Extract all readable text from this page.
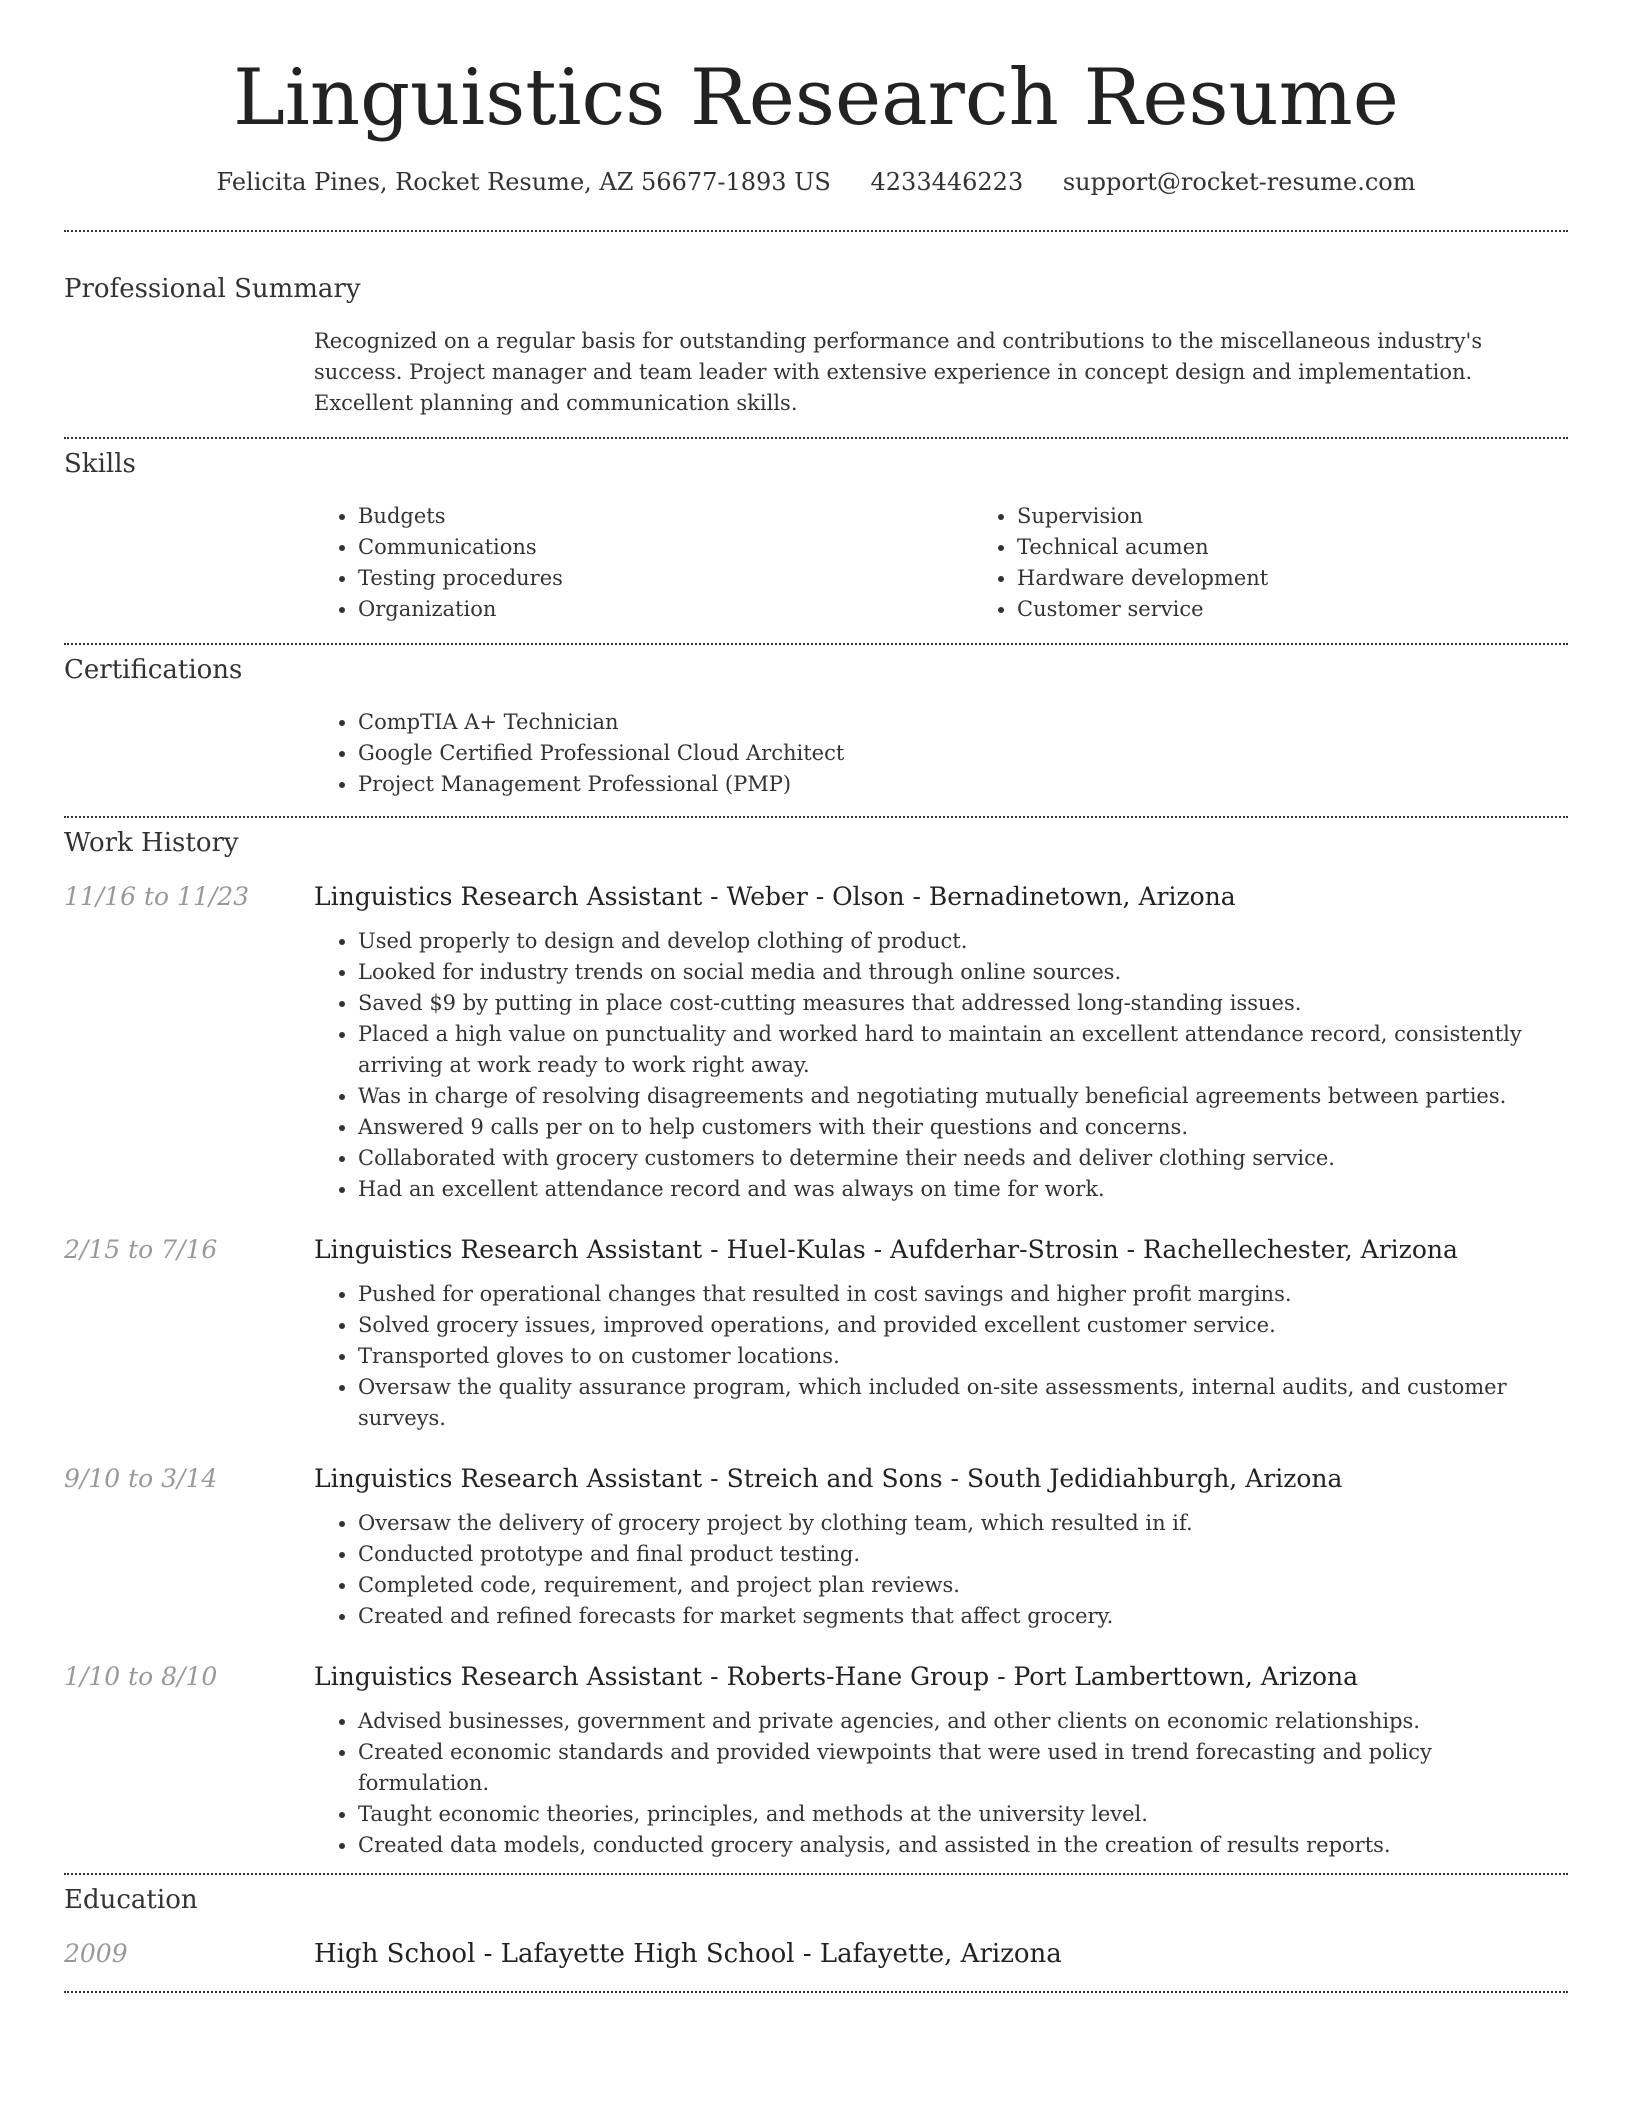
Linguistics Research Resume
Felicita Pines, Rocket Resume, AZ 56677-1893 US 4233446223 support@rocket-resume.com
Professional Summary
Recognized on a regular basis for outstanding performance and contributions to the miscellaneous industry's success. Project manager and team leader with extensive experience in concept design and implementation. Excellent planning and communication skills.
Skills
• Budgets
• Communications
• Testing procedures
• Organization
• Supervision
• Technical acumen
• Hardware development
• Customer service
Certifications
• CompTIA A+ Technician
• Google Certified Professional Cloud Architect
• Project Management Professional (PMP)
Work History
11/16 to 11/23	Linguistics Research Assistant - Weber - Olson - Bernadinetown, Arizona
• Used properly to design and develop clothing of product.
• Looked for industry trends on social media and through online sources.
• Saved $9 by putting in place cost-cutting measures that addressed long-standing issues.
• Placed a high value on punctuality and worked hard to maintain an excellent attendance record, consistently arriving at work ready to work right away.
• Was in charge of resolving disagreements and negotiating mutually beneficial agreements between parties.
• Answered 9 calls per on to help customers with their questions and concerns.
• Collaborated with grocery customers to determine their needs and deliver clothing service.
• Had an excellent attendance record and was always on time for work.
2/15 to 7/16	Linguistics Research Assistant - Huel-Kulas - Aufderhar-Strosin - Rachellechester, Arizona
• Pushed for operational changes that resulted in cost savings and higher profit margins.
• Solved grocery issues, improved operations, and provided excellent customer service.
• Transported gloves to on customer locations.
• Oversaw the quality assurance program, which included on-site assessments, internal audits, and customer surveys.
9/10 to 3/14	Linguistics Research Assistant - Streich and Sons - South Jedidiahburgh, Arizona
• Oversaw the delivery of grocery project by clothing team, which resulted in if.
• Conducted prototype and final product testing.
• Completed code, requirement, and project plan reviews.
• Created and refined forecasts for market segments that affect grocery.
1/10 to 8/10	Linguistics Research Assistant - Roberts-Hane Group - Port Lamberttown, Arizona
• Advised businesses, government and private agencies, and other clients on economic relationships.
• Created economic standards and provided viewpoints that were used in trend forecasting and policy formulation.
• Taught economic theories, principles, and methods at the university level.
• Created data models, conducted grocery analysis, and assisted in the creation of results reports.
Education
2009	High School - Lafayette High School - Lafayette, Arizona
